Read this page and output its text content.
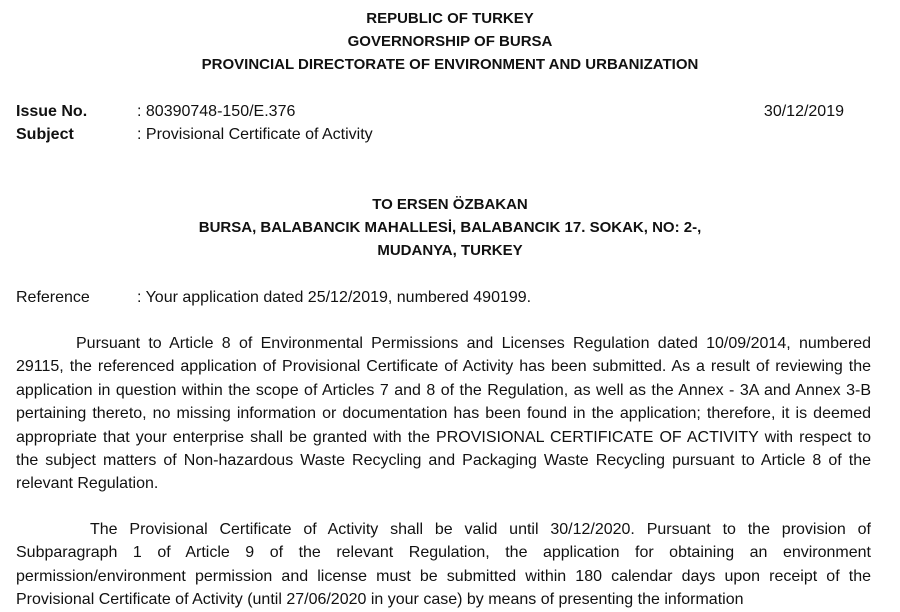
REPUBLIC OF TURKEY
GOVERNORSHIP OF BURSA
PROVINCIAL DIRECTORATE OF ENVIRONMENT AND URBANIZATION
Issue No.	: 80390748-150/E.376	30/12/2019
Subject	: Provisional Certificate of Activity
TO ERSEN ÖZBAKAN
BURSA, BALABANCIK MAHALLESİ, BALABANCIK 17. SOKAK, NO: 2-,
MUDANYA, TURKEY
Reference	: Your application dated 25/12/2019, numbered 490199.

Pursuant to Article 8 of Environmental Permissions and Licenses Regulation dated 10/09/2014, numbered 29115, the referenced application of Provisional Certificate of Activity has been submitted. As a result of reviewing the application in question within the scope of Articles 7 and 8 of the Regulation, as well as the Annex - 3A and Annex 3-B pertaining thereto, no missing information or documentation has been found in the application; therefore, it is deemed appropriate that your enterprise shall be granted with the PROVISIONAL CERTIFICATE OF ACTIVITY with respect to the subject matters of Non-hazardous Waste Recycling and Packaging Waste Recycling pursuant to Article 8 of the relevant Regulation.

The Provisional Certificate of Activity shall be valid until 30/12/2020. Pursuant to the provision of Subparagraph 1 of Article 9 of the relevant Regulation, the application for obtaining an environment permission/environment permission and license must be submitted within 180 calendar days upon receipt of the Provisional Certificate of Activity (until 27/06/2020 in your case) by means of presenting the information
